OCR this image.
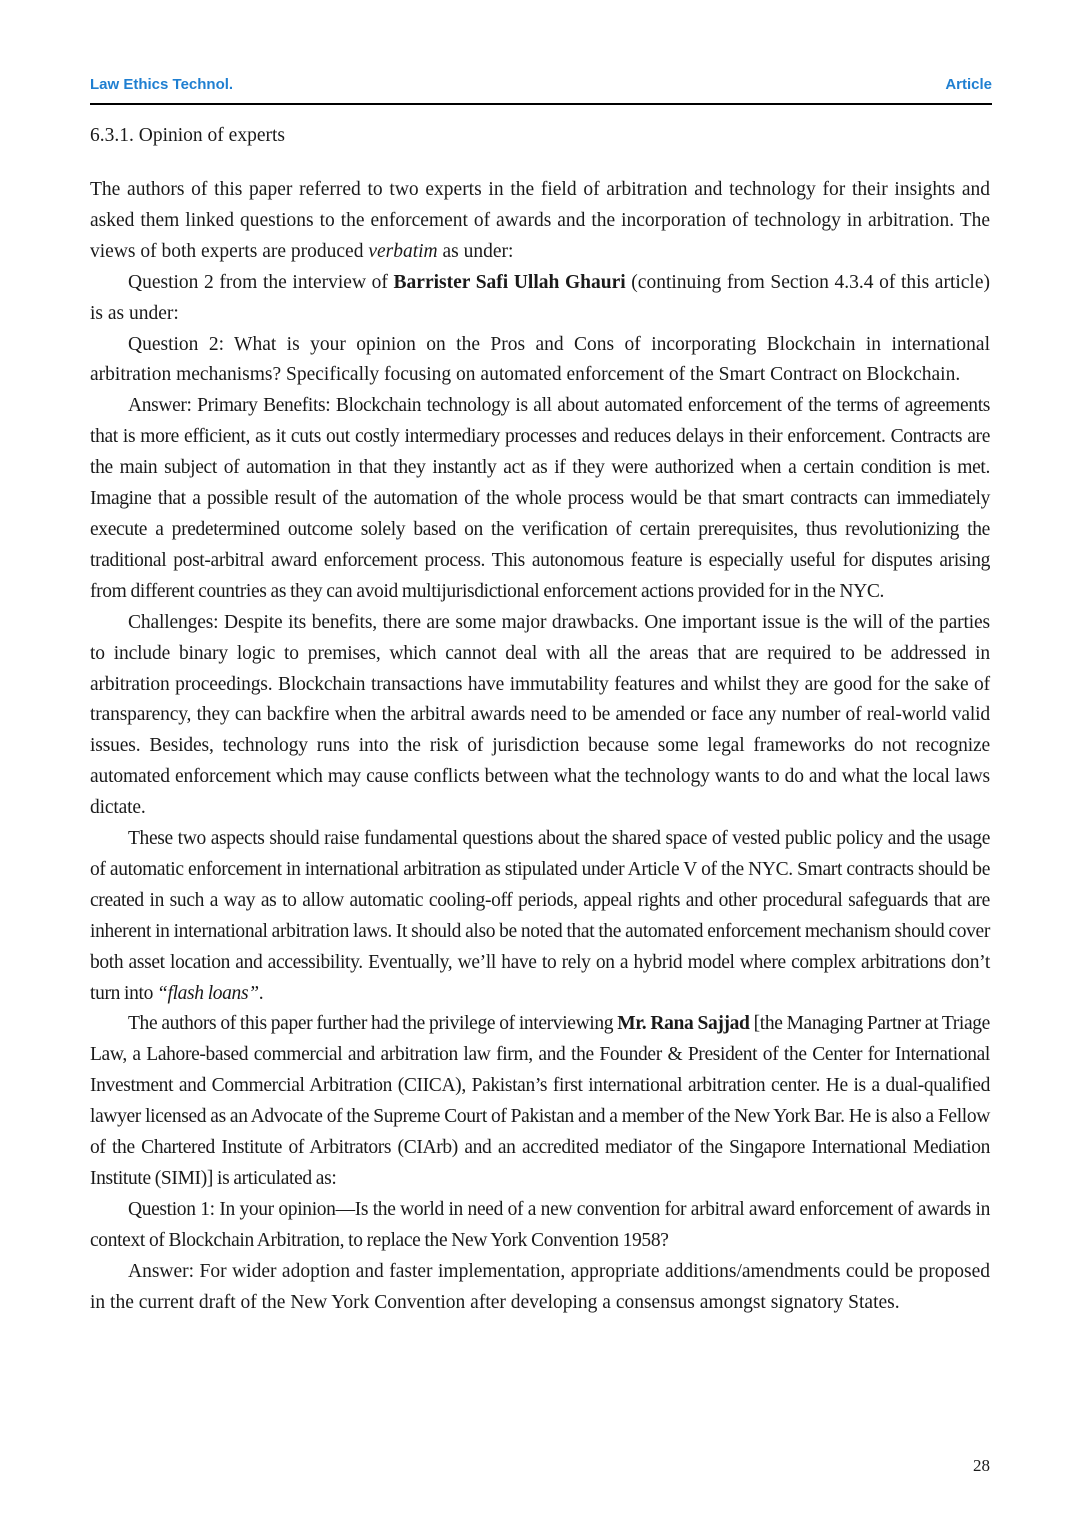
Law Ethics Technol.	Article
6.3.1. Opinion of experts

The authors of this paper referred to two experts in the field of arbitration and technology for their insights and asked them linked questions to the enforcement of awards and the incorporation of technology in arbitration. The views of both experts are produced verbatim as under:

Question 2 from the interview of Barrister Safi Ullah Ghauri (continuing from Section 4.3.4 of this article) is as under:

Question 2: What is your opinion on the Pros and Cons of incorporating Blockchain in international arbitration mechanisms? Specifically focusing on automated enforcement of the Smart Contract on Blockchain.

Answer: Primary Benefits: Blockchain technology is all about automated enforcement of the terms of agreements that is more efficient, as it cuts out costly intermediary processes and reduces delays in their enforcement. Contracts are the main subject of automation in that they instantly act as if they were authorized when a certain condition is met. Imagine that a possible result of the automation of the whole process would be that smart contracts can immediately execute a predetermined outcome solely based on the verification of certain prerequisites, thus revolutionizing the traditional post-arbitral award enforcement process. This autonomous feature is especially useful for disputes arising from different countries as they can avoid multijurisdictional enforcement actions provided for in the NYC.

Challenges: Despite its benefits, there are some major drawbacks. One important issue is the will of the parties to include binary logic to premises, which cannot deal with all the areas that are required to be addressed in arbitration proceedings. Blockchain transactions have immutability features and whilst they are good for the sake of transparency, they can backfire when the arbitral awards need to be amended or face any number of real-world valid issues. Besides, technology runs into the risk of jurisdiction because some legal frameworks do not recognize automated enforcement which may cause conflicts between what the technology wants to do and what the local laws dictate.

These two aspects should raise fundamental questions about the shared space of vested public policy and the usage of automatic enforcement in international arbitration as stipulated under Article V of the NYC. Smart contracts should be created in such a way as to allow automatic cooling-off periods, appeal rights and other procedural safeguards that are inherent in international arbitration laws. It should also be noted that the automated enforcement mechanism should cover both asset location and accessibility. Eventually, we’ll have to rely on a hybrid model where complex arbitrations don’t turn into “flash loans”.

The authors of this paper further had the privilege of interviewing Mr. Rana Sajjad [the Managing Partner at Triage Law, a Lahore-based commercial and arbitration law firm, and the Founder & President of the Center for International Investment and Commercial Arbitration (CIICA), Pakistan’s first international arbitration center. He is a dual-qualified lawyer licensed as an Advocate of the Supreme Court of Pakistan and a member of the New York Bar. He is also a Fellow of the Chartered Institute of Arbitrators (CIArb) and an accredited mediator of the Singapore International Mediation Institute (SIMI)] is articulated as:

Question 1: In your opinion—Is the world in need of a new convention for arbitral award enforcement of awards in context of Blockchain Arbitration, to replace the New York Convention 1958?

Answer: For wider adoption and faster implementation, appropriate additions/amendments could be proposed in the current draft of the New York Convention after developing a consensus amongst signatory States.

28
